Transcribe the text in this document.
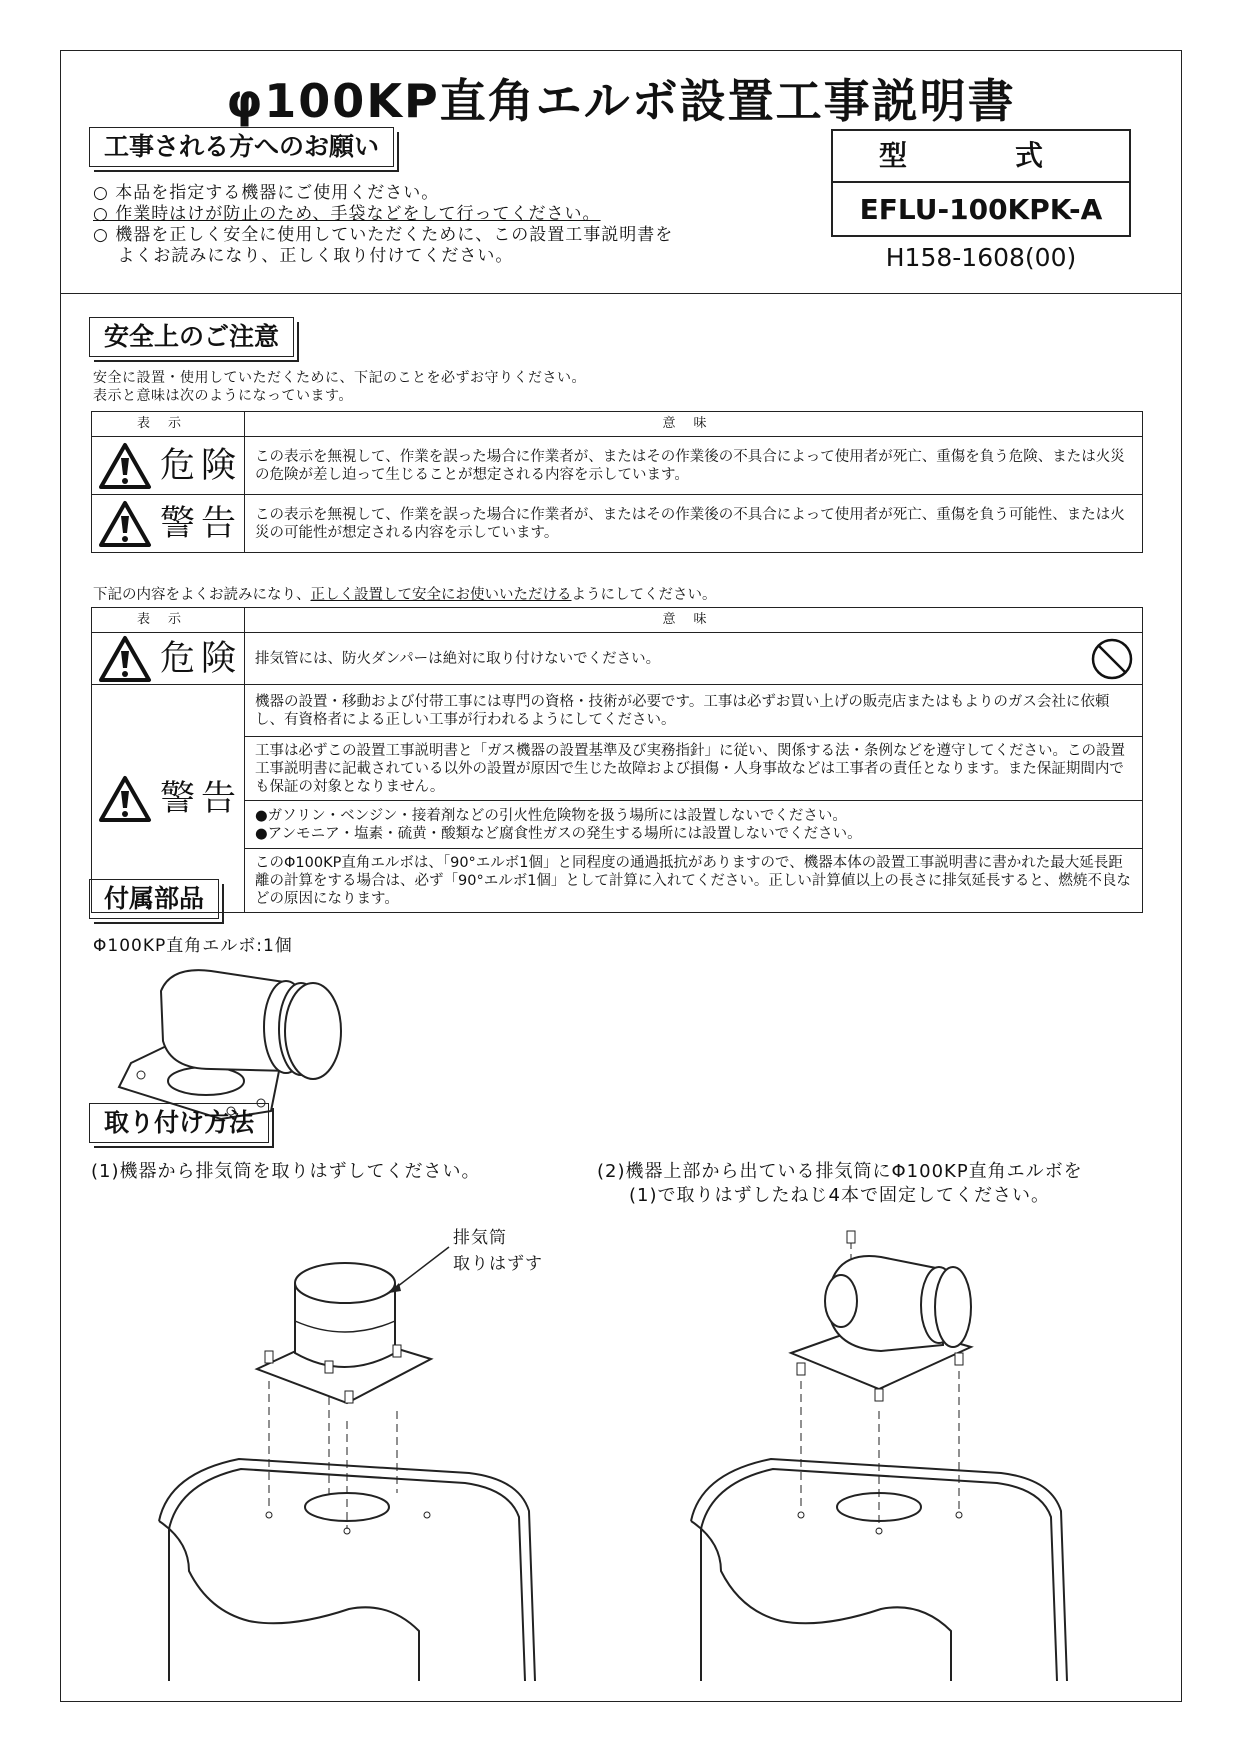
φ100KP直角エルボ設置工事説明書
工事される方へのお願い
○ 本品を指定する機器にご使用ください。
○ 作業時はけが防止のため、手袋などをして行ってください。
○ 機器を正しく安全に使用していただくために、この設置工事説明書を
　 よくお読みになり、正しく取り付けてください。
型　式
EFLU-100KPK-A
H158-1608(00)
安全上のご注意
安全に設置・使用していただくために、下記のことを必ずお守りください。
表示と意味は次のようになっています。
表示	意味

危険	この表示を無視して、作業を誤った場合に作業者が、またはその作業後の不具合によって使用者が死亡、重傷を負う危険、または火災の危険が差し迫って生じることが想定される内容を示しています。

警告	この表示を無視して、作業を誤った場合に作業者が、またはその作業後の不具合によって使用者が死亡、重傷を負う可能性、または火災の可能性が想定される内容を示しています。
下記の内容をよくお読みになり、正しく設置して安全にお使いいただけるようにしてください。
表示	意味

危険	排気管には、防火ダンパーは絶対に取り付けないでください。

警告	機器の設置・移動および付帯工事には専門の資格・技術が必要です。工事は必ずお買い上げの販売店またはもよりのガス会社に依頼し、有資格者による正しい工事が行われるようにしてください。
	工事は必ずこの設置工事説明書と「ガス機器の設置基準及び実務指針」に従い、関係する法・条例などを遵守してください。この設置工事説明書に記載されている以外の設置が原因で生じた故障および損傷・人身事故などは工事者の責任となります。また保証期間内でも保証の対象となりません。

	●ガソリン・ベンジン・接着剤などの引火性危険物を扱う場所には設置しないでください。
●アンモニア・塩素・硫黄・酸類など腐食性ガスの発生する場所には設置しないでください。

	このΦ100KP直角エルボは、「90°エルボ1個」と同程度の通過抵抗がありますので、機器本体の設置工事説明書に書かれた最大延長距離の計算をする場合は、必ず「90°エルボ1個」として計算に入れてください。正しい計算値以上の長さに排気延長すると、燃焼不良などの原因になります。
付属部品
Φ100KP直角エルボ:1個
取り付け方法
(1)機器から排気筒を取りはずしてください。	(2)機器上部から出ている排気筒にΦ100KP直角エルボを
(1)で取りはずしたねじ4本で固定してください。
排気筒
取りはずす
